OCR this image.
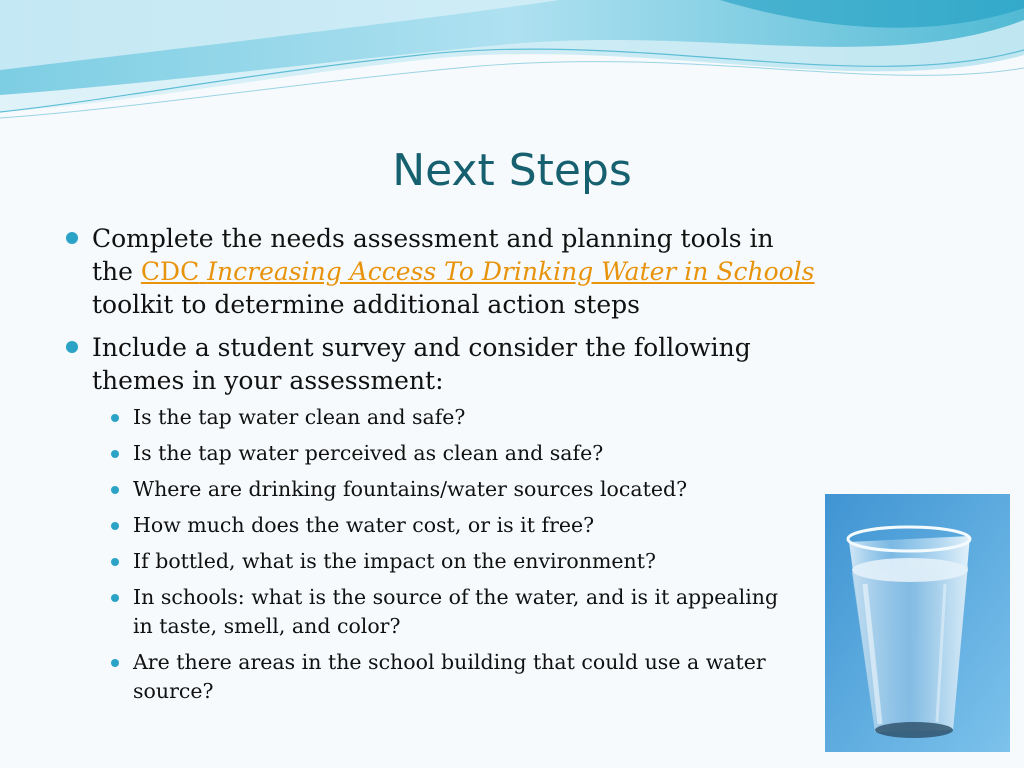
Next Steps
Complete the needs assessment and planning tools in the CDC Increasing Access To Drinking Water in Schools toolkit to determine additional action steps
Include a student survey and consider the following themes in your assessment:
Is the tap water clean and safe?
Is the tap water perceived as clean and safe?
Where are drinking fountains/water sources located?
How much does the water cost, or is it free?
If bottled, what is the impact on the environment?
In schools: what is the source of the water, and is it appealing in taste, smell, and color?
Are there areas in the school building that could use a water source?
